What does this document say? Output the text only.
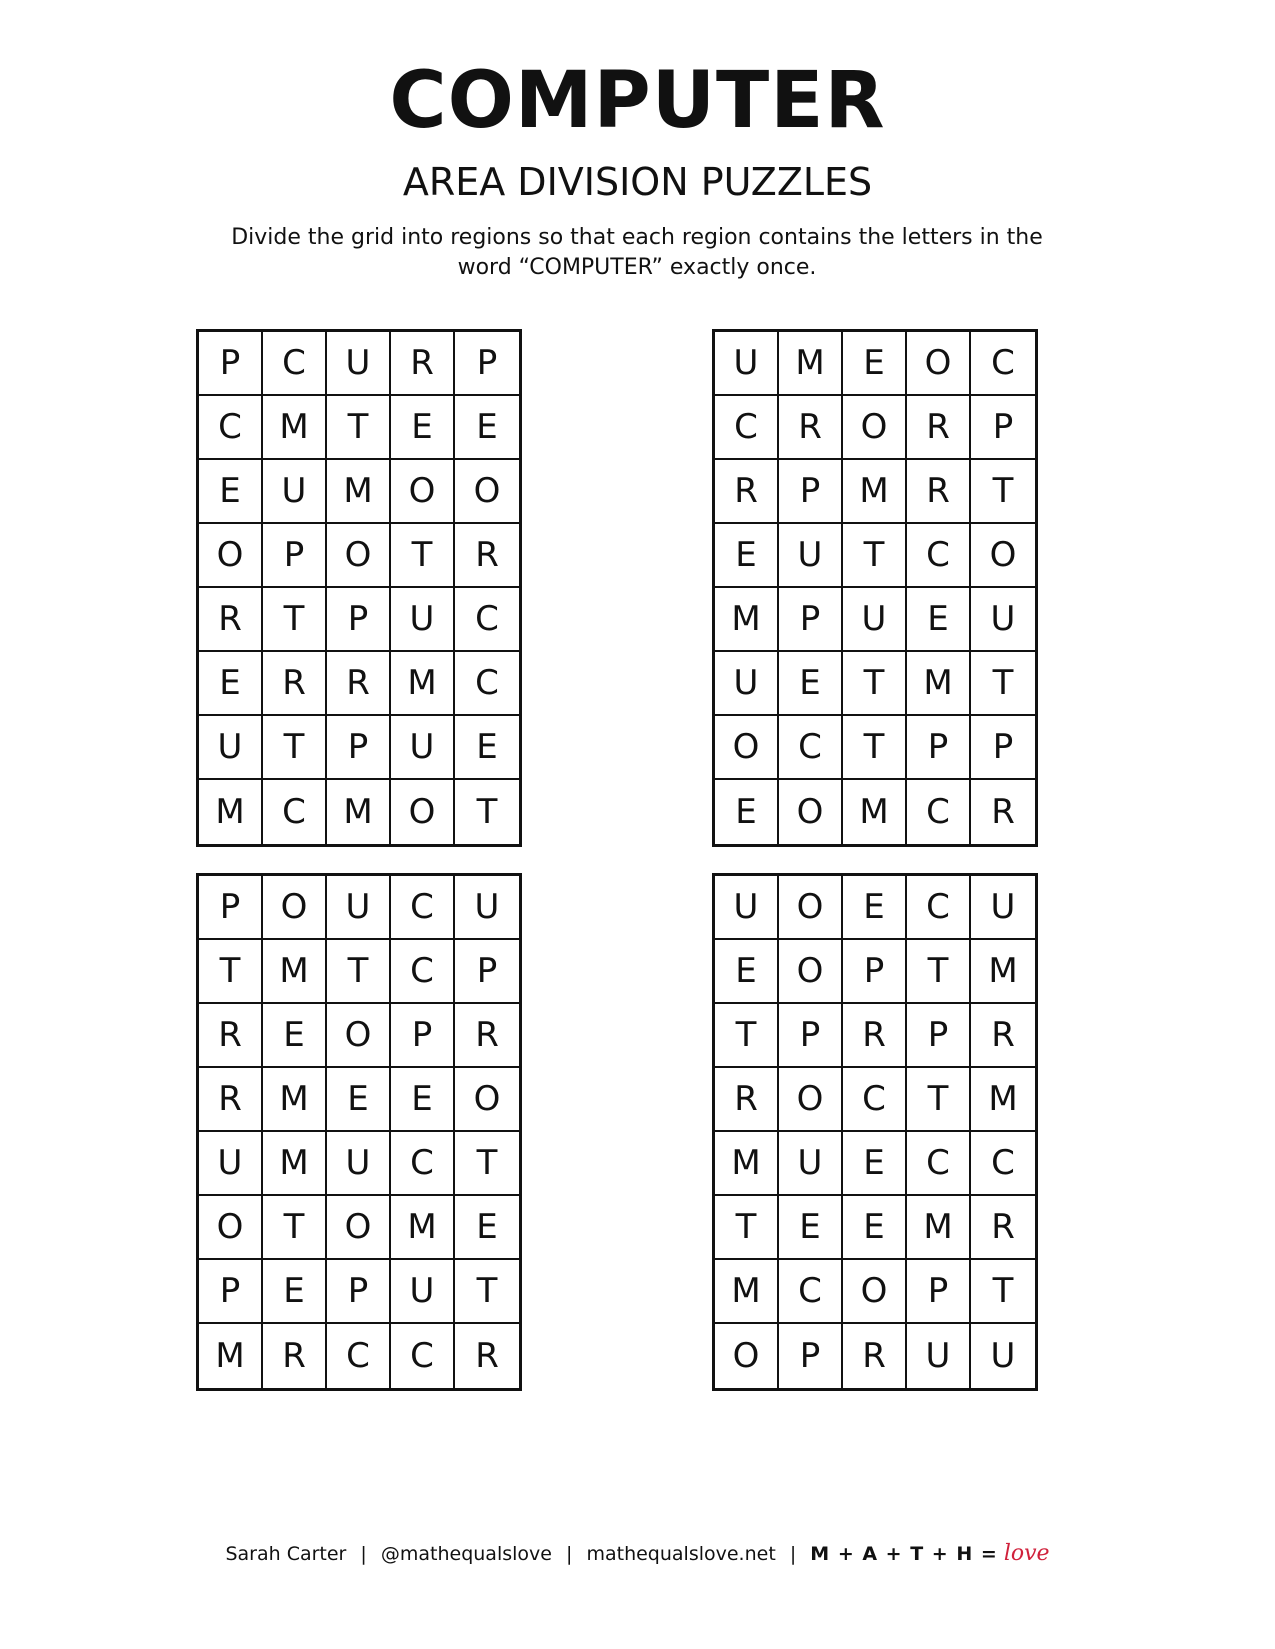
COMPUTER
AREA DIVISION PUZZLES
Divide the grid into regions so that each region contains the letters in the
word “COMPUTER” exactly once.
P	C	U	R	P
C	M	T	E	E
E	U	M	O	O
O	P	O	T	R
R	T	P	U	C
E	R	R	M	C
U	T	P	U	E
M	C	M	O	T
U	M	E	O	C
C	R	O	R	P
R	P	M	R	T
E	U	T	C	O
M	P	U	E	U
U	E	T	M	T
O	C	T	P	P
E	O	M	C	R
P	O	U	C	U
T	M	T	C	P
R	E	O	P	R
R	M	E	E	O
U	M	U	C	T
O	T	O	M	E
P	E	P	U	T
M	R	C	C	R
U	O	E	C	U
E	O	P	T	M
T	P	R	P	R
R	O	C	T	M
M	U	E	C	C
T	E	E	M	R
M	C	O	P	T
O	P	R	U	U
Sarah Carter | @mathequalslove | mathequalslove.net | M + A + T + H = love
